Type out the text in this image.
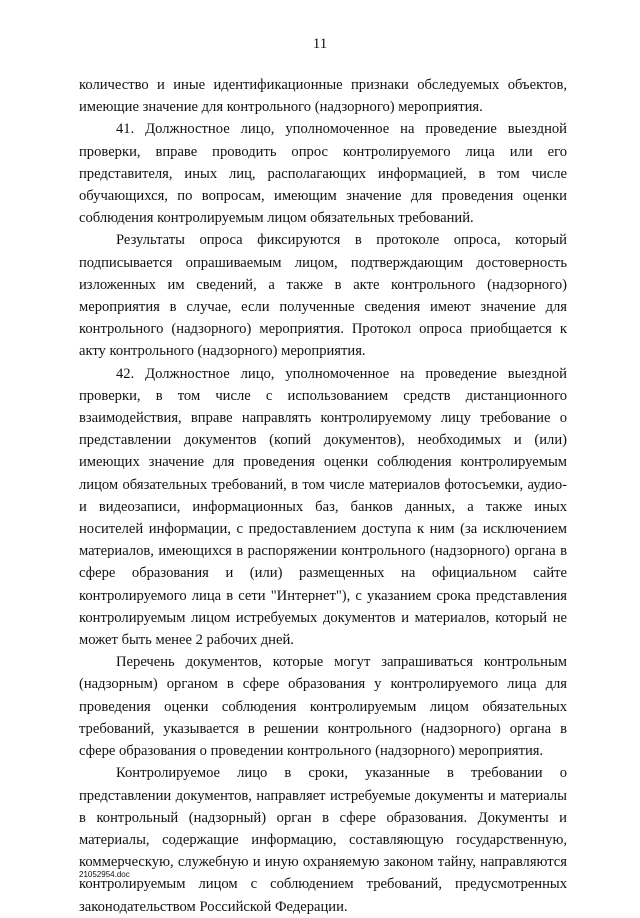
11

количество и иные идентификационные признаки обследуемых объектов, имеющие значение для контрольного (надзорного) мероприятия.

41. Должностное лицо, уполномоченное на проведение выездной проверки, вправе проводить опрос контролируемого лица или его представителя, иных лиц, располагающих информацией, в том числе обучающихся, по вопросам, имеющим значение для проведения оценки соблюдения контролируемым лицом обязательных требований.

Результаты опроса фиксируются в протоколе опроса, который подписывается опрашиваемым лицом, подтверждающим достоверность изложенных им сведений, а также в акте контрольного (надзорного) мероприятия в случае, если полученные сведения имеют значение для контрольного (надзорного) мероприятия. Протокол опроса приобщается к акту контрольного (надзорного) мероприятия.

42. Должностное лицо, уполномоченное на проведение выездной проверки, в том числе с использованием средств дистанционного взаимодействия, вправе направлять контролируемому лицу требование о представлении документов (копий документов), необходимых и (или) имеющих значение для проведения оценки соблюдения контролируемым лицом обязательных требований, в том числе материалов фотосъемки, аудио- и видеозаписи, информационных баз, банков данных, а также иных носителей информации, с предоставлением доступа к ним (за исключением материалов, имеющихся в распоряжении контрольного (надзорного) органа в сфере образования и (или) размещенных на официальном сайте контролируемого лица в сети "Интернет"), с указанием срока представления контролируемым лицом истребуемых документов и материалов, который не может быть менее 2 рабочих дней.

Перечень документов, которые могут запрашиваться контрольным (надзорным) органом в сфере образования у контролируемого лица для проведения оценки соблюдения контролируемым лицом обязательных требований, указывается в решении контрольного (надзорного) органа в сфере образования о проведении контрольного (надзорного) мероприятия.

Контролируемое лицо в сроки, указанные в требовании о представлении документов, направляет истребуемые документы и материалы в контрольный (надзорный) орган в сфере образования. Документы и материалы, содержащие информацию, составляющую государственную, коммерческую, служебную и иную охраняемую законом тайну, направляются контролируемым лицом с соблюдением требований, предусмотренных законодательством Российской Федерации.

21052954.doc
